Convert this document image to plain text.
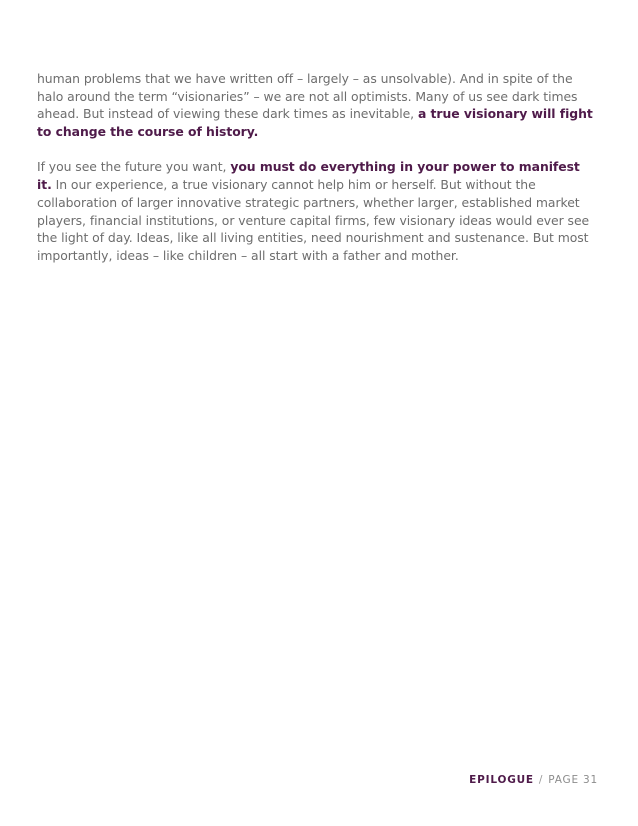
human problems that we have written off – largely – as unsolvable). And in spite of the halo around the term “visionaries” – we are not all optimists. Many of us see dark times ahead. But instead of viewing these dark times as inevitable, a true visionary will fight to change the course of history.

If you see the future you want, you must do everything in your power to manifest it. In our experience, a true visionary cannot help him or herself. But without the collaboration of larger innovative strategic partners, whether larger, established market players, financial institutions, or venture capital firms, few visionary ideas would ever see the light of day. Ideas, like all living entities, need nourishment and sustenance. But most importantly, ideas – like children – all start with a father and mother.

EPILOGUE / PAGE 31
